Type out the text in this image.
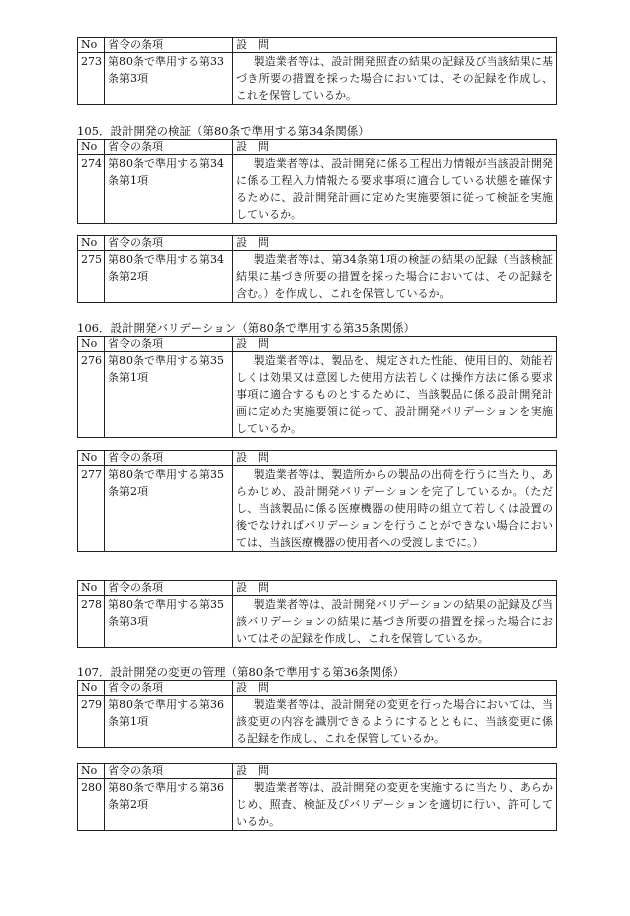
No	省令の条項	設　問
273	第80条で準用する第33条第3項	製造業者等は、設計開発照査の結果の記録及び当該結果に基づき所要の措置を採った場合においては、その記録を作成し、これを保管しているか。
105．設計開発の検証（第80条で準用する第34条関係）
No	省令の条項	設　問
274	第80条で準用する第34条第1項	製造業者等は、設計開発に係る工程出力情報が当該設計開発に係る工程入力情報たる要求事項に適合している状態を確保するために、設計開発計画に定めた実施要領に従って検証を実施しているか。
No	省令の条項	設　問
275	第80条で準用する第34条第2項	製造業者等は、第34条第1項の検証の結果の記録（当該検証結果に基づき所要の措置を採った場合においては、その記録を含む。）を作成し、これを保管しているか。
106．設計開発バリデーション（第80条で準用する第35条関係）
No	省令の条項	設　問
276	第80条で準用する第35条第1項	製造業者等は、製品を、規定された性能、使用目的、効能若しくは効果又は意図した使用方法若しくは操作方法に係る要求事項に適合するものとするために、当該製品に係る設計開発計画に定めた実施要領に従って、設計開発バリデーションを実施しているか。
No	省令の条項	設　問
277	第80条で準用する第35条第2項	製造業者等は、製造所からの製品の出荷を行うに当たり、あらかじめ、設計開発バリデーションを完了しているか。（ただし、当該製品に係る医療機器の使用時の組立て若しくは設置の後でなければバリデーションを行うことができない場合においては、当該医療機器の使用者への受渡しまでに。）
No	省令の条項	設　問
278	第80条で準用する第35条第3項	製造業者等は、設計開発バリデーションの結果の記録及び当該バリデーションの結果に基づき所要の措置を採った場合においてはその記録を作成し、これを保管しているか。
107．設計開発の変更の管理（第80条で準用する第36条関係）
No	省令の条項	設　問
279	第80条で準用する第36条第1項	製造業者等は、設計開発の変更を行った場合においては、当該変更の内容を識別できるようにするとともに、当該変更に係る記録を作成し、これを保管しているか。
No	省令の条項	設　問
280	第80条で準用する第36条第2項	製造業者等は、設計開発の変更を実施するに当たり、あらかじめ、照査、検証及びバリデーションを適切に行い、許可しているか。
